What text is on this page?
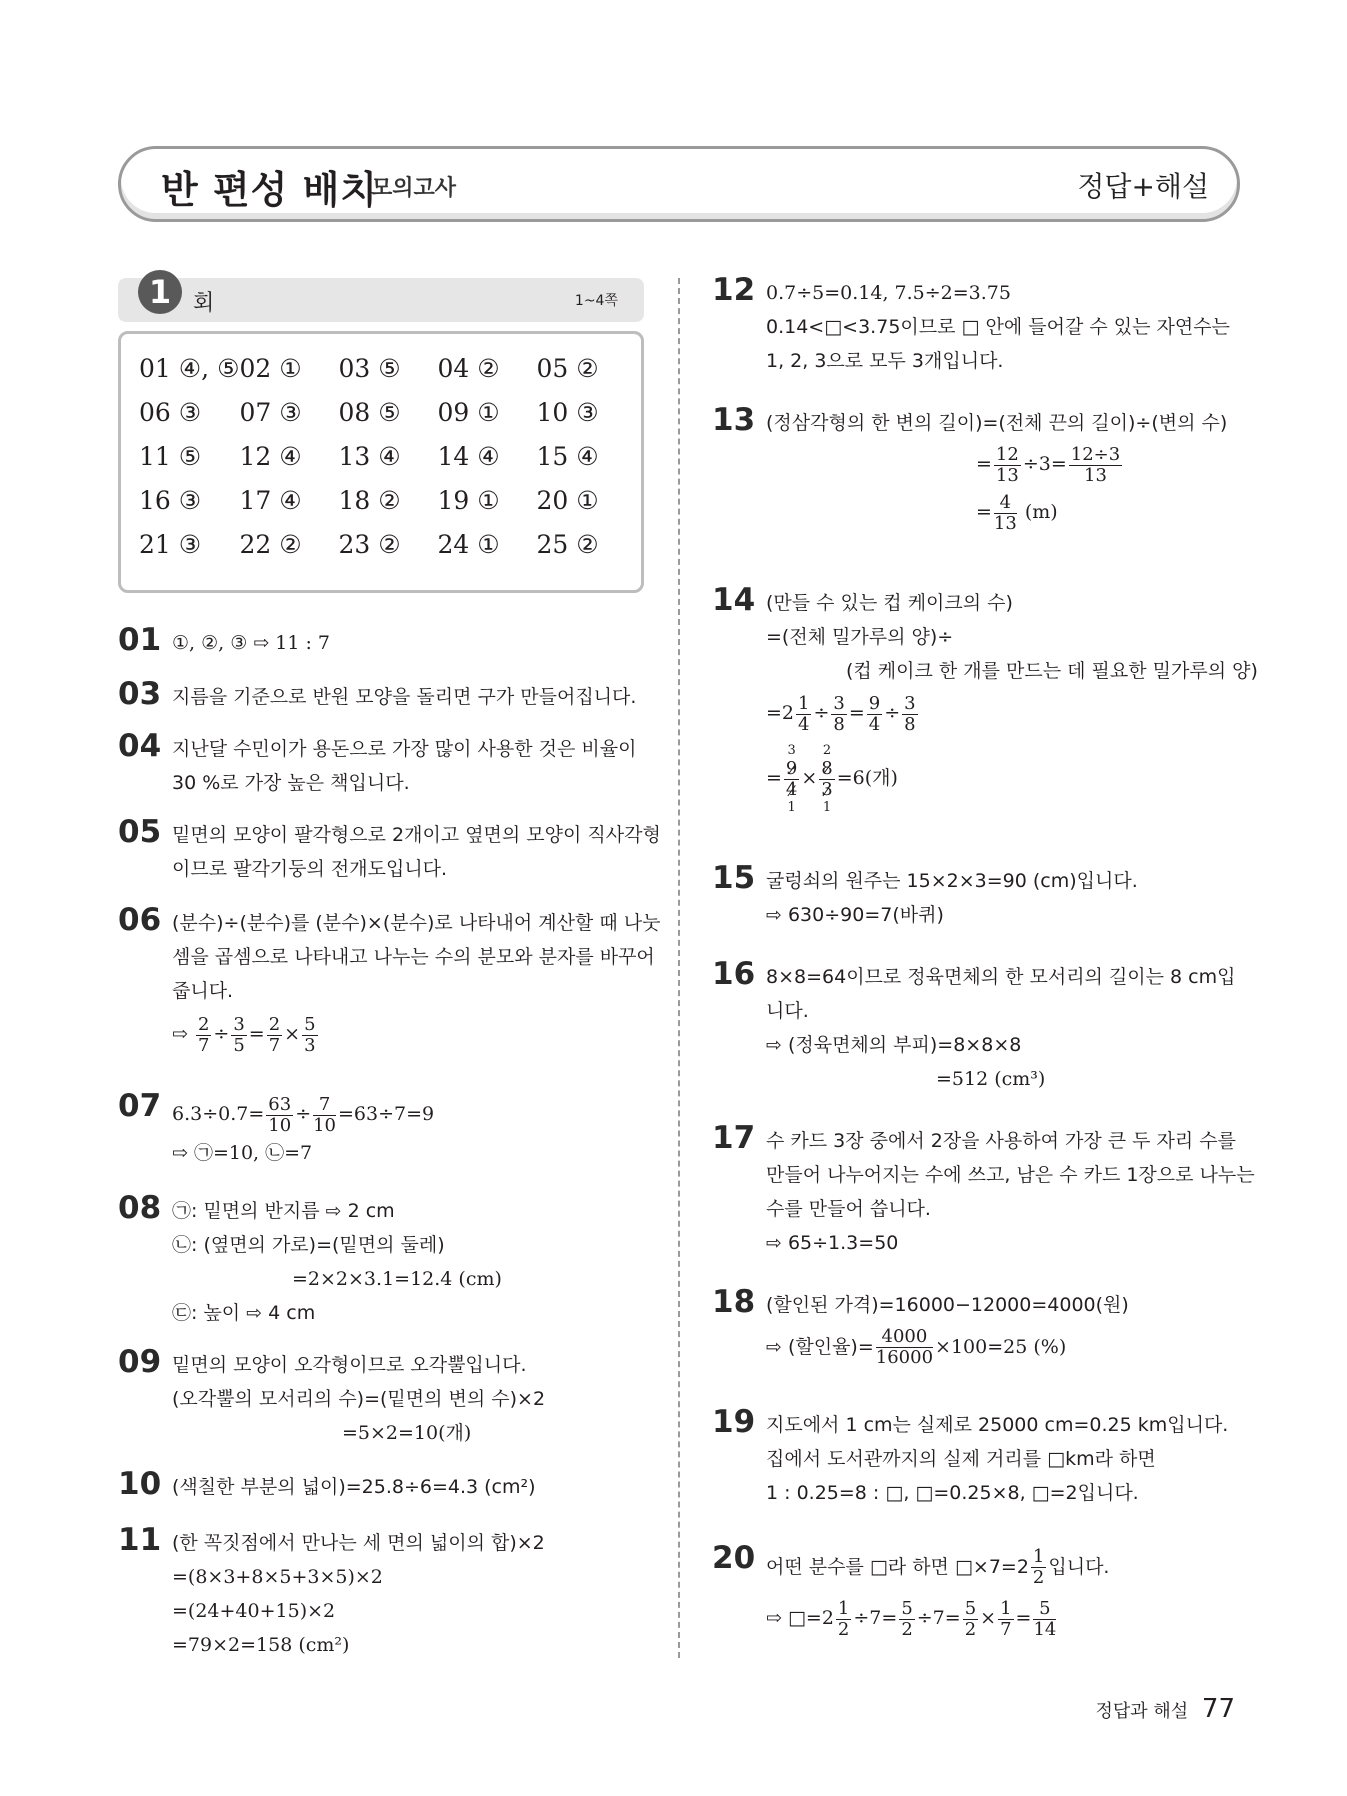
반 편성 배치
모의고사	정답+해설
1 회	1~4쪽
01 ④, ⑤	02 ①	03 ⑤	04 ②	05 ②
06 ③	07 ③	08 ⑤	09 ①	10 ③
11 ⑤	12 ④	13 ④	14 ④	15 ④
16 ③	17 ④	18 ②	19 ①	20 ①
21 ③	22 ②	23 ②	24 ①	25 ②
01 ①, ②, ③ ⇨ 11 : 7

03 지름을 기준으로 반원 모양을 돌리면 구가 만들어집니다.

04 지난달 수민이가 용돈으로 가장 많이 사용한 것은 비율이

30 %로 가장 높은 책입니다.

05 밑면의 모양이 팔각형으로 2개이고 옆면의 모양이 직사각형

이므로 팔각기둥의 전개도입니다.

06 (분수)÷(분수)를 (분수)×(분수)로 나타내어 계산할 때 나눗

셈을 곱셈으로 나타내고 나누는 수의 분모와 분자를 바꾸어

줍니다.

⇨ $\frac{2}{7} \div \frac{3}{5} = \frac{2}{7} \times \frac{5}{3}$

07 $6.3\div 0.7= \frac{63}{10} \div \frac{7}{10} =63\div 7=9$

⇨ ㉠=10, ㉡=7

08 ㉠: 밑면의 반지름 ⇨ 2 cm

㉡: (옆면의 가로)=(밑면의 둘레)

=2×2×3.1=12.4 (cm)

㉢: 높이 ⇨ 4 cm

09 밑면의 모양이 오각형이므로 오각뿔입니다.

(오각뿔의 모서리의 수)=(밑면의 변의 수)×2

=5×2=10(개)

10 (색칠한 부분의 넓이)=25.8÷6=4.3 (cm²)

11 (한 꼭짓점에서 만나는 세 면의 넓이의 합)×2

=(8×3+8×5+3×5)×2

=(24+40+15)×2

=79×2=158 (cm²)

12 0.7÷5=0.14, 7.5÷2=3.75

0.14<□<3.75이므로 □ 안에 들어갈 수 있는 자연수는

1, 2, 3으로 모두 3개입니다.

13 (정삼각형의 한 변의 길이)=(전체 끈의 길이)÷(변의 수)

= $\frac{12}{13} \div 3= \frac{12\div 3}{13}$

= $\frac{4}{13} (m)$

14 (만들 수 있는 컵 케이크의 수)

=(전체 밀가루의 양)÷

(컵 케이크 한 개를 만드는 데 필요한 밀가루의 양)

$=2 \frac{1}{4} \div \frac{3}{8} = \frac{9}{4} \div \frac{3}{8}$

=
3
9
4
1
×
2
8
3
1
=6(개)

15 굴렁쇠의 원주는 15×2×3=90 (cm)입니다.

⇨ 630÷90=7(바퀴)

16 8×8=64이므로 정육면체의 한 모서리의 길이는 8 cm입

니다.

⇨ (정육면체의 부피)=8×8×8

=512 (cm³)

17 수 카드 3장 중에서 2장을 사용하여 가장 큰 두 자리 수를

만들어 나누어지는 수에 쓰고, 남은 수 카드 1장으로 나누는

수를 만들어 씁니다.

⇨ 65÷1.3=50

18 (할인된 가격)=16000−12000=4000(원)

⇨ (할인율)= $\frac{4000}{16000} \times 100=25$ (%)

19 지도에서 1 cm는 실제로 25000 cm=0.25 km입니다.

집에서 도서관까지의 실제 거리를 □km라 하면

1 : 0.25=8 : □, □=0.25×8, □=2입니다.

20 어떤 분수를 □라 하면 □×7=2 $\frac{1}{2}$ 입니다.

⇨ □=2 $\frac{1}{2} \div 7= \frac{5}{2} \div 7= \frac{5}{2} \times \frac{1}{7} = \frac{5}{14}$

정답과 해설 77
